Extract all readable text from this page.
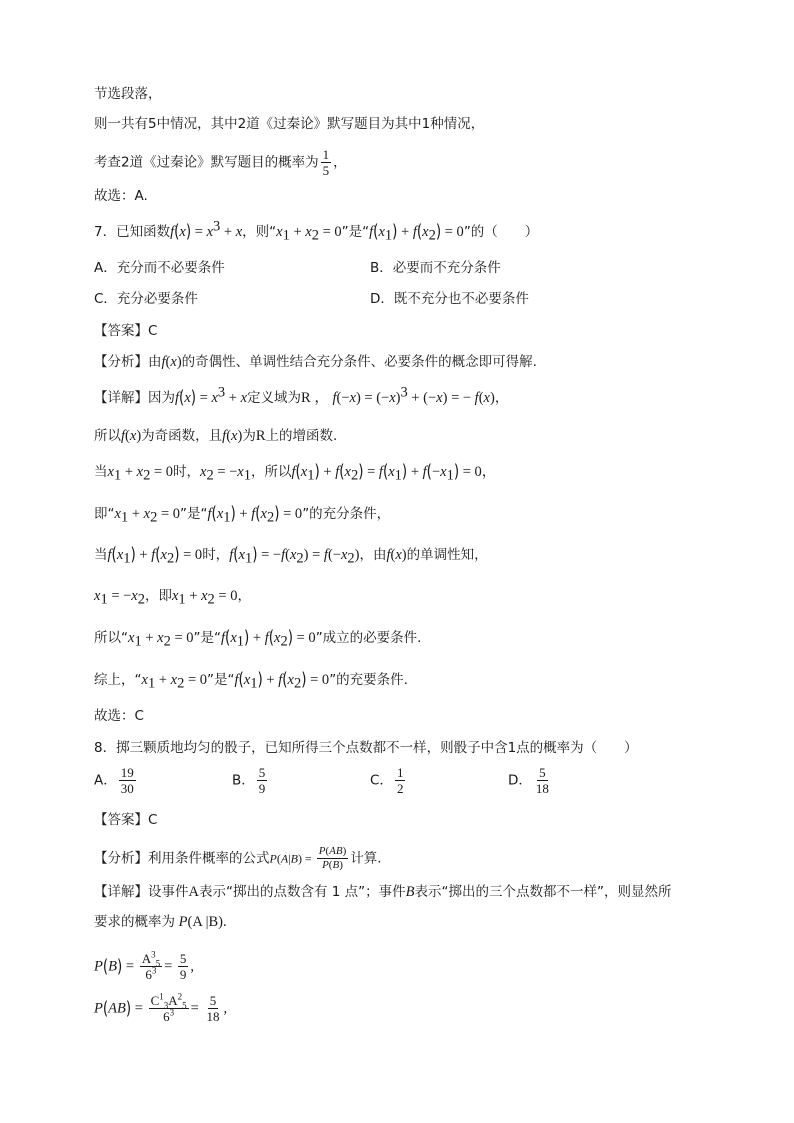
节选段落，
则一共有5中情况，其中2道《过秦论》默写题目为其中1种情况，
考查2道《过秦论》默写题目的概率为 $\frac{1}{5}$ ，
故选：A.
7．已知函数$f(x) = x^3 + x$，则“$x_1 + x_2 = 0$”是“$f(x_1) + f(x_2) = 0$”的（　　）
A．充分而不必要条件	B．必要而不充分条件
C．充分必要条件	D．既不充分也不必要条件
【答案】C
【分析】由f(x)的奇偶性、单调性结合充分条件、必要条件的概念即可得解.
【详解】因为$f(x) = x^3 + x$定义域为R ， $f(-x) = (-x)^3 + (-x)$ = − f(x)，
所以f(x)为奇函数，且f(x)为R上的增函数.
当$x_1 + x_2 = 0$时，$x_2 = -x_1$，所以$f(x_1) + f(x_2) = f(x_1) + f(-x_1) = 0$，
即“$x_1 + x_2 = 0$”是“$f(x_1) + f(x_2) = 0$”的充分条件，
当$f(x_1) + f(x_2) = 0$时，$f(x_1) = -f(x_2) = f(-x_2)$，由f(x)的单调性知，
$x_1 = -x_2$，即$x_1 + x_2 = 0$，
所以“$x_1 + x_2 = 0$”是“$f(x_1) + f(x_2) = 0$”成立的必要条件.
综上，“$x_1 + x_2 = 0$”是“$f(x_1) + f(x_2) = 0$”的充要条件.
故选：C
8．掷三颗质地均匀的骰子，已知所得三个点数都不一样，则骰子中含1点的概率为（　　）
A． $\frac{19}{30}$	B． $\frac{5}{9}$	C． $\frac{1}{2}$	D． $\frac{5}{18}$
【答案】C
【分析】利用条件概率的公式$P(A|B) = \frac{P(AB)}{P(B)}$ 计算.
【详解】设事件A表示“掷出的点数含有 1 点”；事件B表示“掷出的三个点数都不一样”，则显然所
要求的概率为 P(A |B).
$P(B) = \frac{A^3_5}{6^3} = \frac{5}{9}$ ,
$P(AB) = \frac{C^1_3A^2_5}{6^3} = \frac{5}{18}$ ,
